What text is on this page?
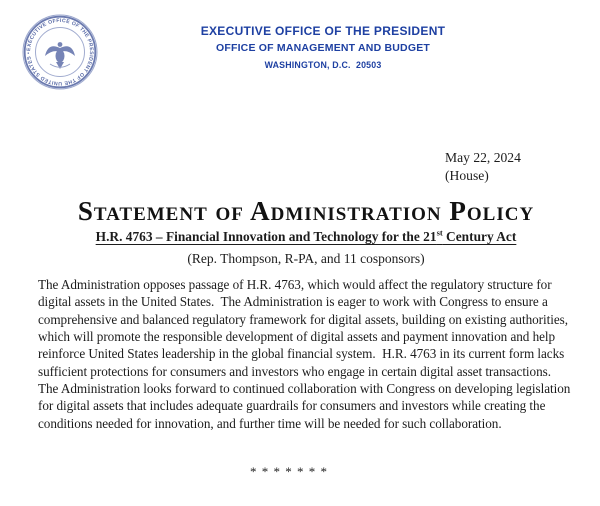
EXECUTIVE OFFICE OF THE PRESIDENT OF THE UNITED STATES •
EXECUTIVE OFFICE OF THE PRESIDENT
OFFICE OF MANAGEMENT AND BUDGET
WASHINGTON, D.C.  20503
May 22, 2024
(House)
Statement of Administration Policy
H.R. 4763 – Financial Innovation and Technology for the 21st Century Act
(Rep. Thompson, R-PA, and 11 cosponsors)

The Administration opposes passage of H.R. 4763, which would affect the regulatory structure for digital assets in the United States.  The Administration is eager to work with Congress to ensure a comprehensive and balanced regulatory framework for digital assets, building on existing authorities, which will promote the responsible development of digital assets and payment innovation and help reinforce United States leadership in the global financial system.  H.R. 4763 in its current form lacks sufficient protections for consumers and investors who engage in certain digital asset transactions.  The Administration looks forward to continued collaboration with Congress on developing legislation for digital assets that includes adequate guardrails for consumers and investors while creating the conditions needed for innovation, and further time will be needed for such collaboration.

* * * * * * *
